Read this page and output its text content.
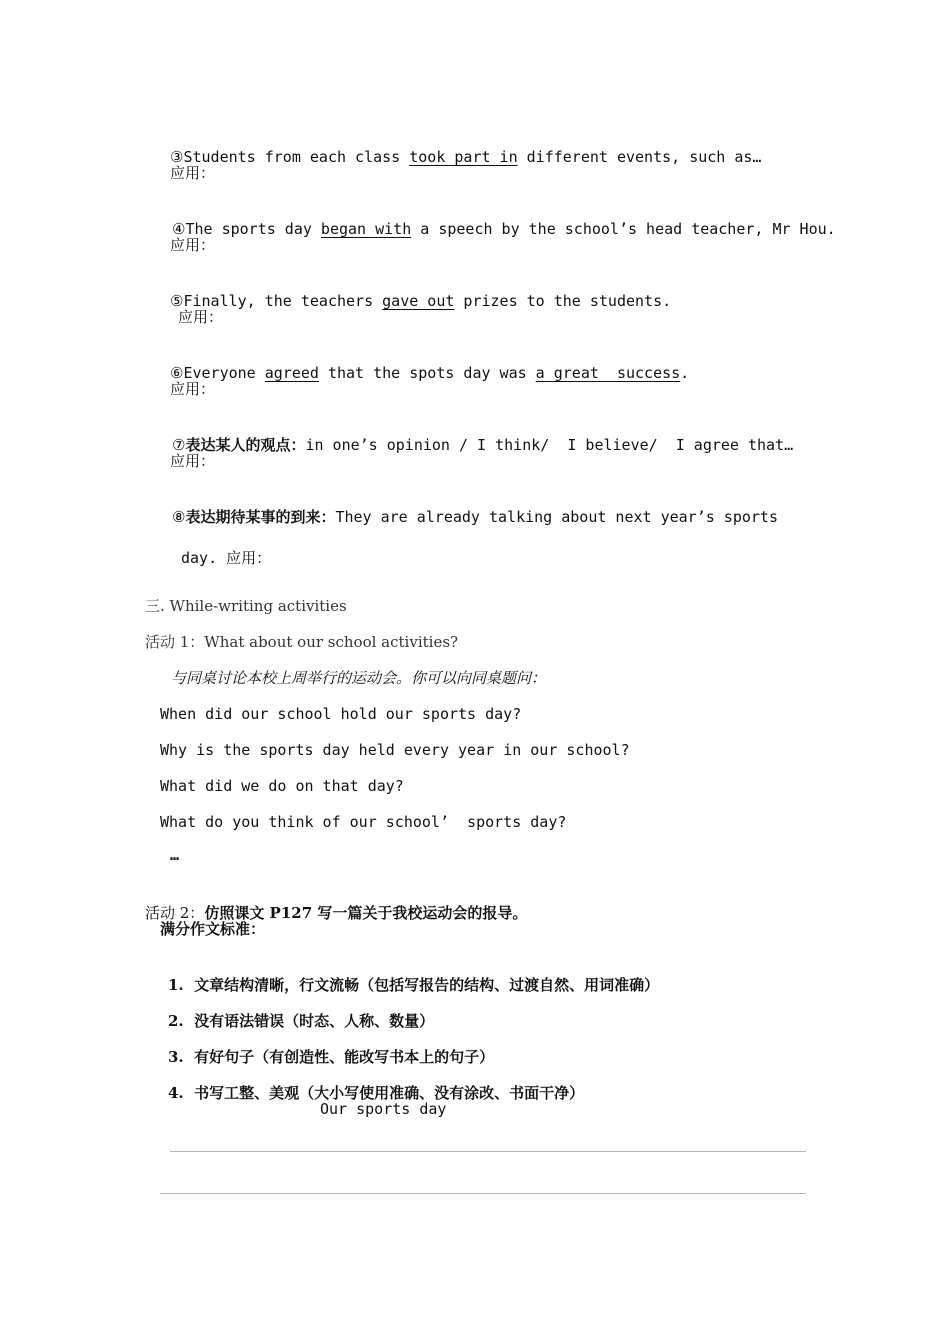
③Students from each class took part in different events, such as…

应用：

④The sports day began with a speech by the school’s head teacher, Mr Hou.

应用：

⑤Finally, the teachers gave out prizes to the students.

应用：

⑥Everyone agreed that the spots day was a great  success.

应用：

⑦表达某人的观点：in one’s opinion / I think/  I believe/  I agree that…

应用：

⑧表达期待某事的到来：They are already talking about next year’s sports

day. 应用：

三. While-writing activities
活动 1：What about our school activities?
与同桌讨论本校上周举行的运动会。你可以向同桌题问：
When did our school hold our sports day?
Why is the sports day held every year in our school?
What did we do on that day?
What do you think of our school’  sports day?
…

活动 2：仿照课文 P127 写一篇关于我校运动会的报导。

满分作文标准：

1. 文章结构清晰，行文流畅（包括写报告的结构、过渡自然、用词准确）

2. 没有语法错误（时态、人称、数量）

3. 有好句子（有创造性、能改写书本上的句子）

4. 书写工整、美观（大小写使用准确、没有涂改、书面干净）

Our sports day
